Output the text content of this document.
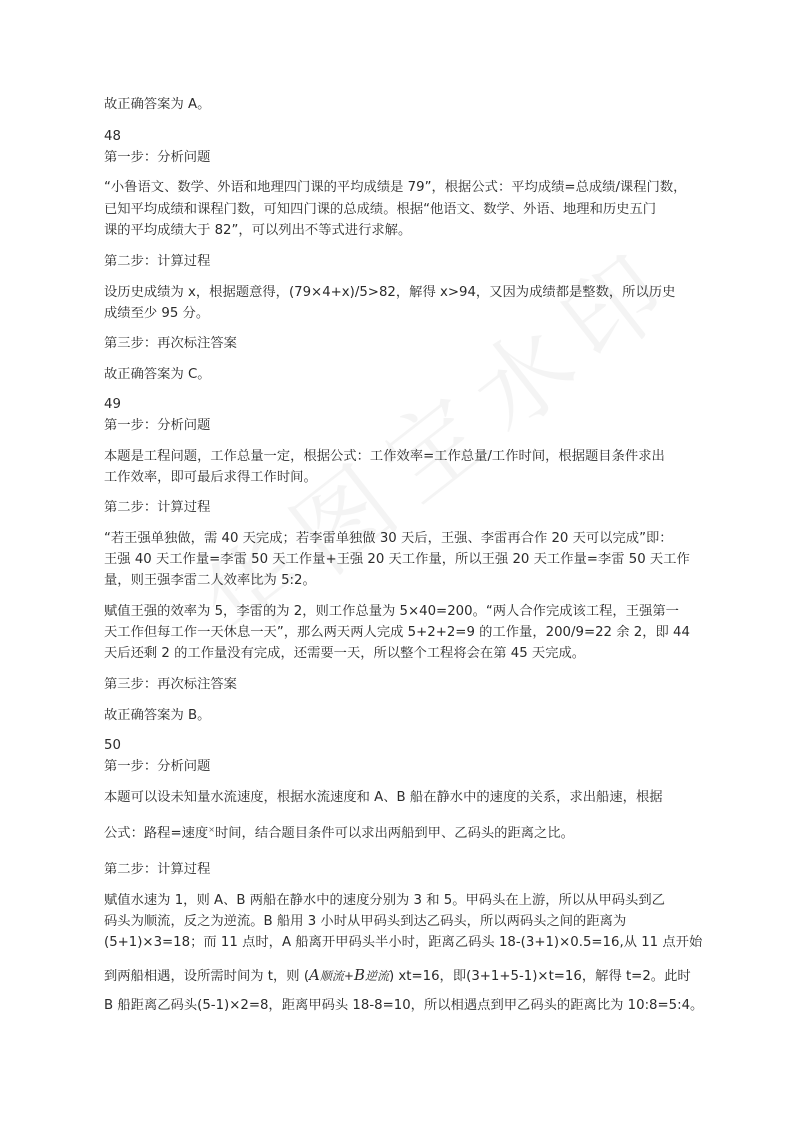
故正确答案为 A。
48
第一步：分析问题
“小鲁语文、数学、外语和地理四门课的平均成绩是 79”，根据公式：平均成绩=总成绩/课程门数，
已知平均成绩和课程门数，可知四门课的总成绩。根据“他语文、数学、外语、地理和历史五门
课的平均成绩大于 82”，可以列出不等式进行求解。
第二步：计算过程
设历史成绩为 x，根据题意得，(79×4+x)/5>82，解得 x>94，又因为成绩都是整数，所以历史
成绩至少 95 分。
第三步：再次标注答案
故正确答案为 C。
49
第一步：分析问题
本题是工程问题，工作总量一定，根据公式：工作效率=工作总量/工作时间，根据题目条件求出
工作效率，即可最后求得工作时间。
第二步：计算过程
“若王强单独做，需 40 天完成；若李雷单独做 30 天后，王强、李雷再合作 20 天可以完成”即：
王强 40 天工作量=李雷 50 天工作量+王强 20 天工作量，所以王强 20 天工作量=李雷 50 天工作
量，则王强李雷二人效率比为 5:2。
赋值王强的效率为 5，李雷的为 2，则工作总量为 5×40=200。“两人合作完成该工程，王强第一
天工作但每工作一天休息一天”，那么两天两人完成 5+2+2=9 的工作量，200/9=22 余 2，即 44
天后还剩 2 的工作量没有完成，还需要一天，所以整个工程将会在第 45 天完成。
第三步：再次标注答案
故正确答案为 B。
50
第一步：分析问题
本题可以设未知量水流速度，根据水流速度和 A、B 船在静水中的速度的关系，求出船速，根据
公式：路程=速度×时间，结合题目条件可以求出两船到甲、乙码头的距离之比。
第二步：计算过程
赋值水速为 1，则 A、B 两船在静水中的速度分别为 3 和 5。甲码头在上游，所以从甲码头到乙
码头为顺流，反之为逆流。B 船用 3 小时从甲码头到达乙码头，所以两码头之间的距离为
(5+1)×3=18；而 11 点时，A 船离开甲码头半小时，距离乙码头 18-(3+1)×0.5=16,从 11 点开始
到两船相遇，设所需时间为 t，则 (A顺流+B逆流) xt=16，即(3+1+5-1)×t=16，解得 t=2。此时
B 船距离乙码头(5-1)×2=8，距离甲码头 18-8=10，所以相遇点到甲乙码头的距离比为 10:8=5:4。
